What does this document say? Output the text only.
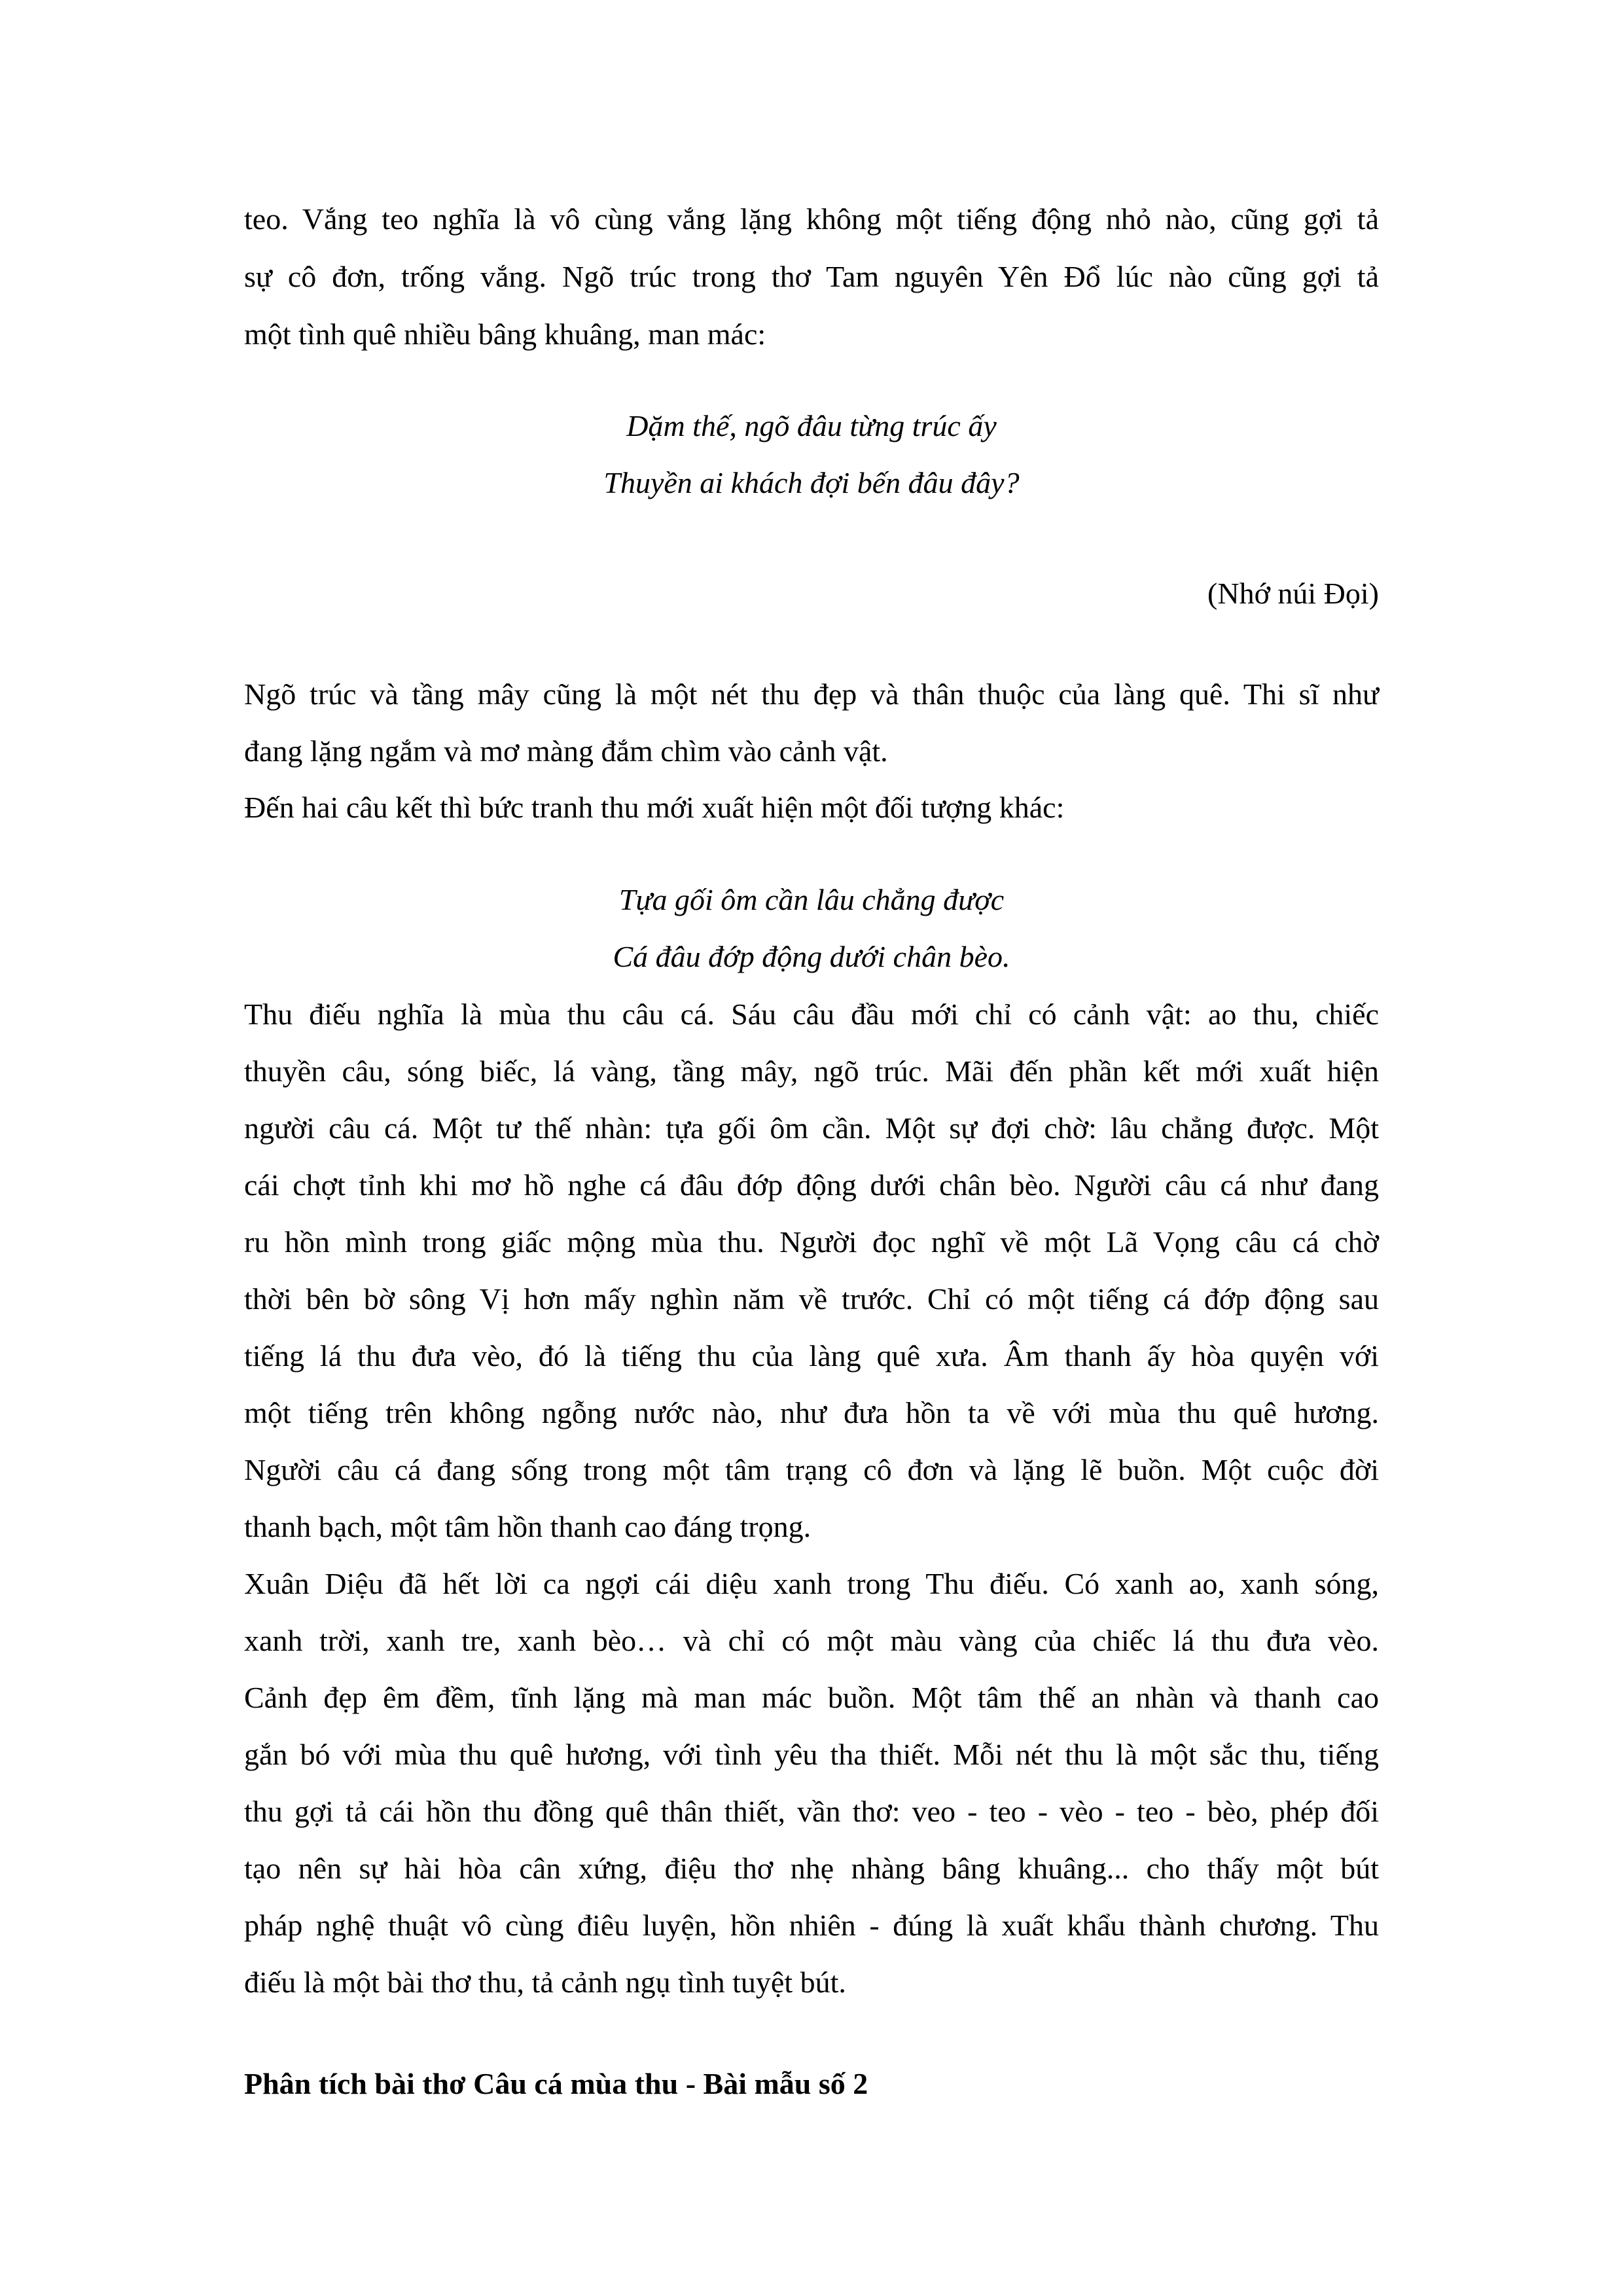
teo. Vắng teo nghĩa là vô cùng vắng lặng không một tiếng động nhỏ nào, cũng gợi tả
sự cô đơn, trống vắng. Ngõ trúc trong thơ Tam nguyên Yên Đổ lúc nào cũng gợi tả
một tình quê nhiều bâng khuâng, man mác:
Dặm thế, ngõ đâu từng trúc ấy
Thuyền ai khách đợi bến đâu đây?
(Nhớ núi Đọi)
Ngõ trúc và tầng mây cũng là một nét thu đẹp và thân thuộc của làng quê. Thi sĩ như
đang lặng ngắm và mơ màng đắm chìm vào cảnh vật.
Đến hai câu kết thì bức tranh thu mới xuất hiện một đối tượng khác:
Tựa gối ôm cần lâu chẳng được
Cá đâu đớp động dưới chân bèo.
Thu điếu nghĩa là mùa thu câu cá. Sáu câu đầu mới chỉ có cảnh vật: ao thu, chiếc
thuyền câu, sóng biếc, lá vàng, tầng mây, ngõ trúc. Mãi đến phần kết mới xuất hiện
người câu cá. Một tư thế nhàn: tựa gối ôm cần. Một sự đợi chờ: lâu chẳng được. Một
cái chợt tỉnh khi mơ hồ nghe cá đâu đớp động dưới chân bèo. Người câu cá như đang
ru hồn mình trong giấc mộng mùa thu. Người đọc nghĩ về một Lã Vọng câu cá chờ
thời bên bờ sông Vị hơn mấy nghìn năm về trước. Chỉ có một tiếng cá đớp động sau
tiếng lá thu đưa vèo, đó là tiếng thu của làng quê xưa. Âm thanh ấy hòa quyện với
một tiếng trên không ngỗng nước nào, như đưa hồn ta về với mùa thu quê hương.
Người câu cá đang sống trong một tâm trạng cô đơn và lặng lẽ buồn. Một cuộc đời
thanh bạch, một tâm hồn thanh cao đáng trọng.
Xuân Diệu đã hết lời ca ngợi cái diệu xanh trong Thu điếu. Có xanh ao, xanh sóng,
xanh trời, xanh tre, xanh bèo… và chỉ có một màu vàng của chiếc lá thu đưa vèo.
Cảnh đẹp êm đềm, tĩnh lặng mà man mác buồn. Một tâm thế an nhàn và thanh cao
gắn bó với mùa thu quê hương, với tình yêu tha thiết. Mỗi nét thu là một sắc thu, tiếng
thu gợi tả cái hồn thu đồng quê thân thiết, vần thơ: veo - teo - vèo - teo - bèo, phép đối
tạo nên sự hài hòa cân xứng, điệu thơ nhẹ nhàng bâng khuâng... cho thấy một bút
pháp nghệ thuật vô cùng điêu luyện, hồn nhiên - đúng là xuất khẩu thành chương. Thu
điếu là một bài thơ thu, tả cảnh ngụ tình tuyệt bút.
Phân tích bài thơ Câu cá mùa thu - Bài mẫu số 2
